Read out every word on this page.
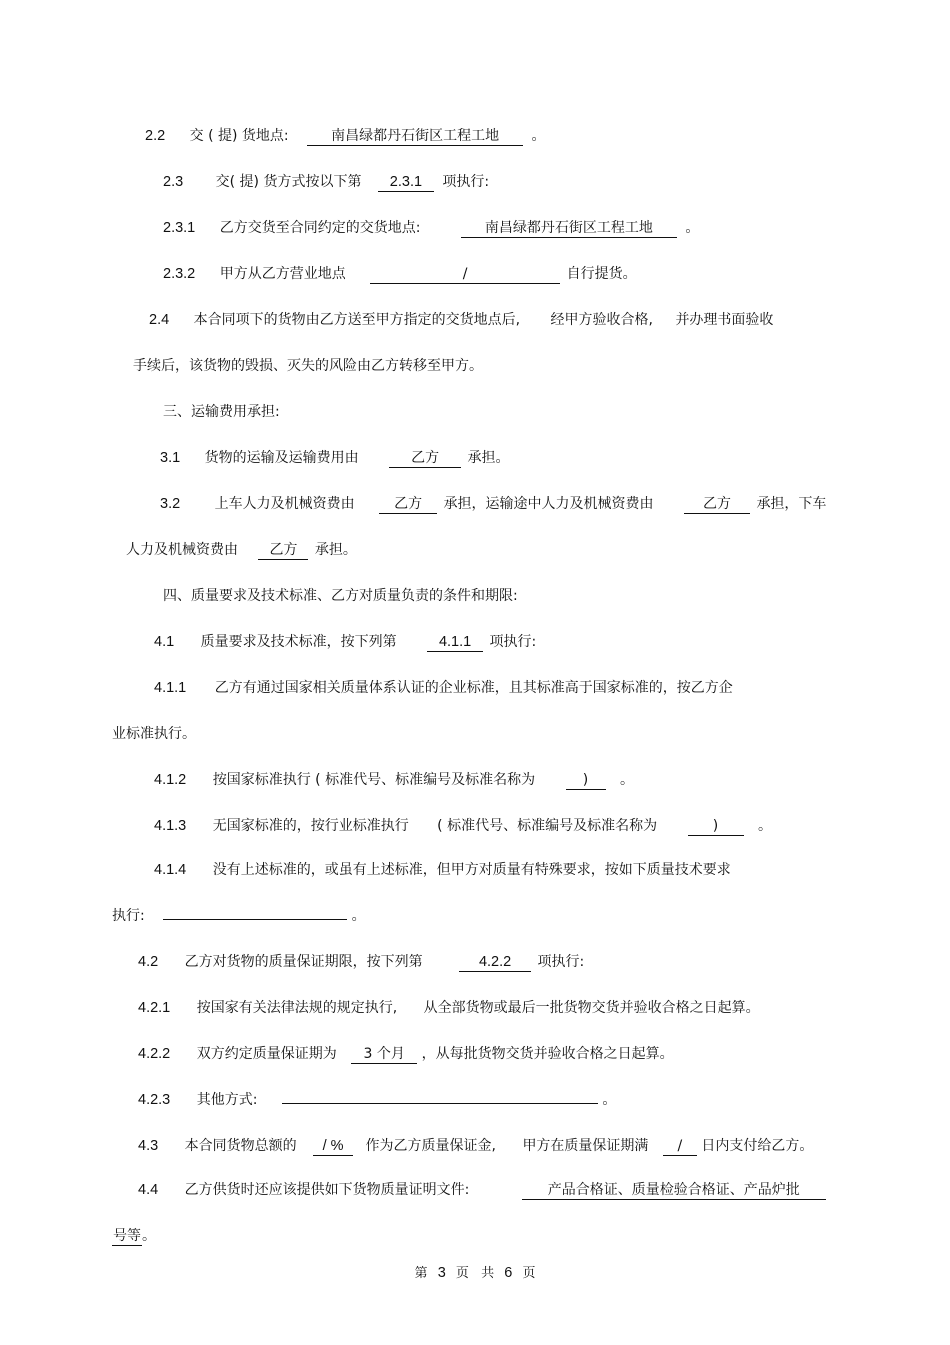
2.2 交 ( 提) 货地点:	南昌绿都丹石街区工程工地 。
2.3 交( 提) 货方式按以下第 2.3.1 项执行:
2.3.1 乙方交货至合同约定的交货地点:	南昌绿都丹石街区工程工地 。
2.3.2 甲方从乙方营业地点	/	自行提货。
2.4 本合同项下的货物由乙方送至甲方指定的交货地点后, 经甲方验收合格, 并办理书面验收
手续后，该货物的毁损、灭失的风险由乙方转移至甲方。
三、运输费用承担:
3.1 货物的运输及运输费用由	乙方 承担。
3.2 上车人力及机械资费由	乙方 承担，运输途中人力及机械资费由	乙方 承担，下车
人力及机械资费由 乙方 承担。
四、质量要求及技术标准、乙方对质量负责的条件和期限:
4.1 质量要求及技术标准，按下列第	4.1.1 项执行:
4.1.1 乙方有通过国家相关质量体系认证的企业标准，且其标准高于国家标准的，按乙方企
业标准执行。
4.1.2 按国家标准执行 ( 标准代号、标准编号及标准名称为	) 。
4.1.3 无国家标准的，按行业标准执行 ( 标准代号、标准编号及标准名称为	)	。
4.1.4 没有上述标准的，或虽有上述标准，但甲方对质量有特殊要求，按如下质量技术要求
执行:	。
4.2 乙方对货物的质量保证期限，按下列第	4.2.2 项执行:
4.2.1 按国家有关法律法规的规定执行, 从全部货物或最后一批货物交货并验收合格之日起算。
4.2.2 双方约定质量保证期为 3 个月 ，从每批货物交货并验收合格之日起算。
4.2.3 其他方式:	。
4.3 本合同货物总额的 / % 作为乙方质量保证金, 甲方在质量保证期满 / 日内支付给乙方。
4.4 乙方供货时还应该提供如下货物质量证明文件:	产品合格证、质量检验合格证、产品炉批
号等。
第 3 页 共 6 页
